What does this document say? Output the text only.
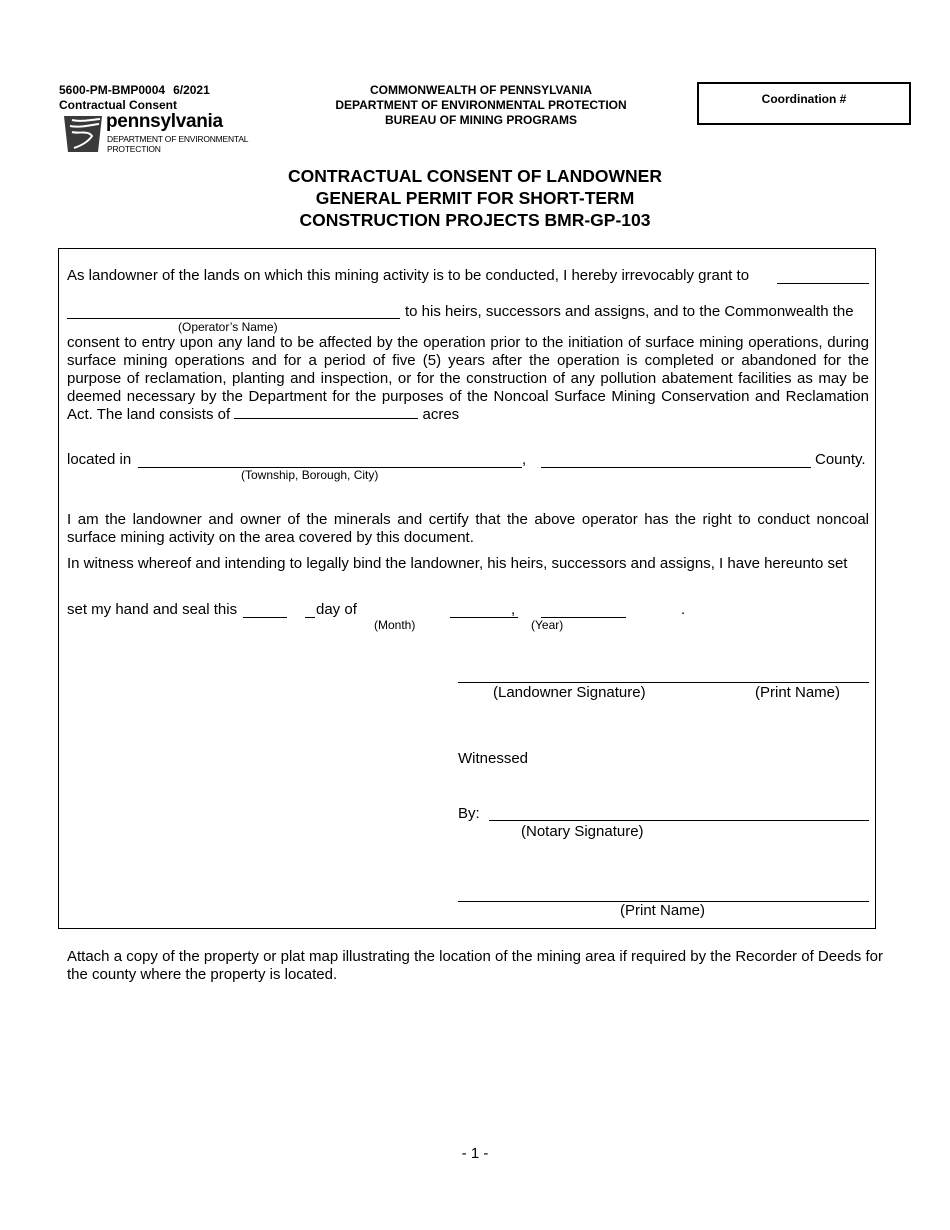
5600-PM-BMP0004 6/2021
Contractual Consent
pennsylvania
DEPARTMENT OF ENVIRONMENTAL
PROTECTION
COMMONWEALTH OF PENNSYLVANIA
DEPARTMENT OF ENVIRONMENTAL PROTECTION
BUREAU OF MINING PROGRAMS
Coordination #
CONTRACTUAL CONSENT OF LANDOWNER
GENERAL PERMIT FOR SHORT-TERM
CONSTRUCTION PROJECTS BMR-GP-103
As landowner of the lands on which this mining activity is to be conducted, I hereby irrevocably grant to
to his heirs, successors and assigns, and to the Commonwealth the
(Operator’s Name)

consent to entry upon any land to be affected by the operation prior to the initiation of surface mining operations, during surface mining operations and for a period of five (5) years after the operation is completed or abandoned for the purpose of reclamation, planting and inspection, or for the construction of any pollution abatement facilities as may be deemed necessary by the Department for the purposes of the Noncoal Surface Mining Conservation and Reclamation Act. The land consists of	acres

located in	,	County.
(Township, Borough, City)
I am the landowner and owner of the minerals and certify that the above operator has the right to conduct noncoal surface mining activity on the area covered by this document.
In witness whereof and intending to legally bind the landowner, his heirs, successors and assigns, I have hereunto set
set my hand and seal this	day of
(Month)
,
(Year)
.
(Landowner Signature)	(Print Name)
Witnessed
By:
(Notary Signature)
(Print Name)
Attach a copy of the property or plat map illustrating the location of the mining area if required by the Recorder of Deeds for the county where the property is located.
- 1 -
